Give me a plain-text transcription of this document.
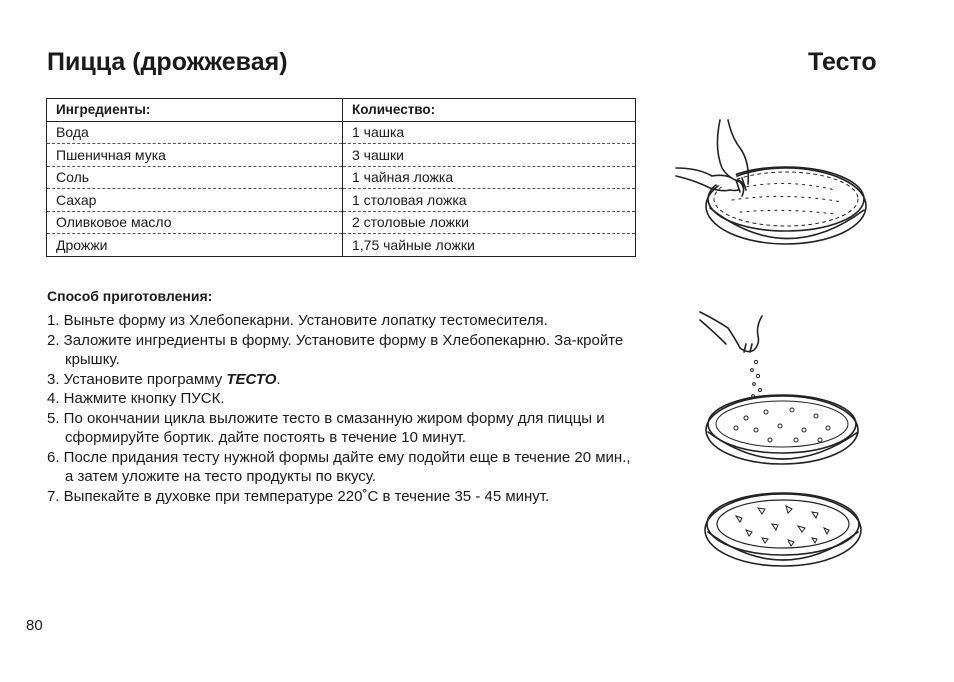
Пицца (дрожжевая)	Тесто
Ингредиенты:	Количество:
Вода	1 чашка
Пшеничная мука	3 чашки
Соль	1 чайная ложка
Сахар	1 столовая ложка
Оливковое масло	2 столовые ложки
Дрожжи	1,75 чайные ложки
Способ приготовления:
1. Выньте форму из Хлебопекарни. Установите лопатку тестомесителя.
2. Заложите ингредиенты в форму. Установите форму в Хлебопекарню. За-кройте крышку.
3. Установите программу ТЕСТО.
4. Нажмите кнопку ПУСК.
5. По окончании цикла выложите тесто в смазанную жиром форму для пиццы и сформируйте бортик. дайте постоять в течение 10 минут.
6. После придания тесту нужной формы дайте ему подойти еще в течение 20 мин., а затем уложите на тесто продукты по вкусу.
7. Выпекайте в духовке при температуре 220˚С в течение 35 - 45 минут.
80
